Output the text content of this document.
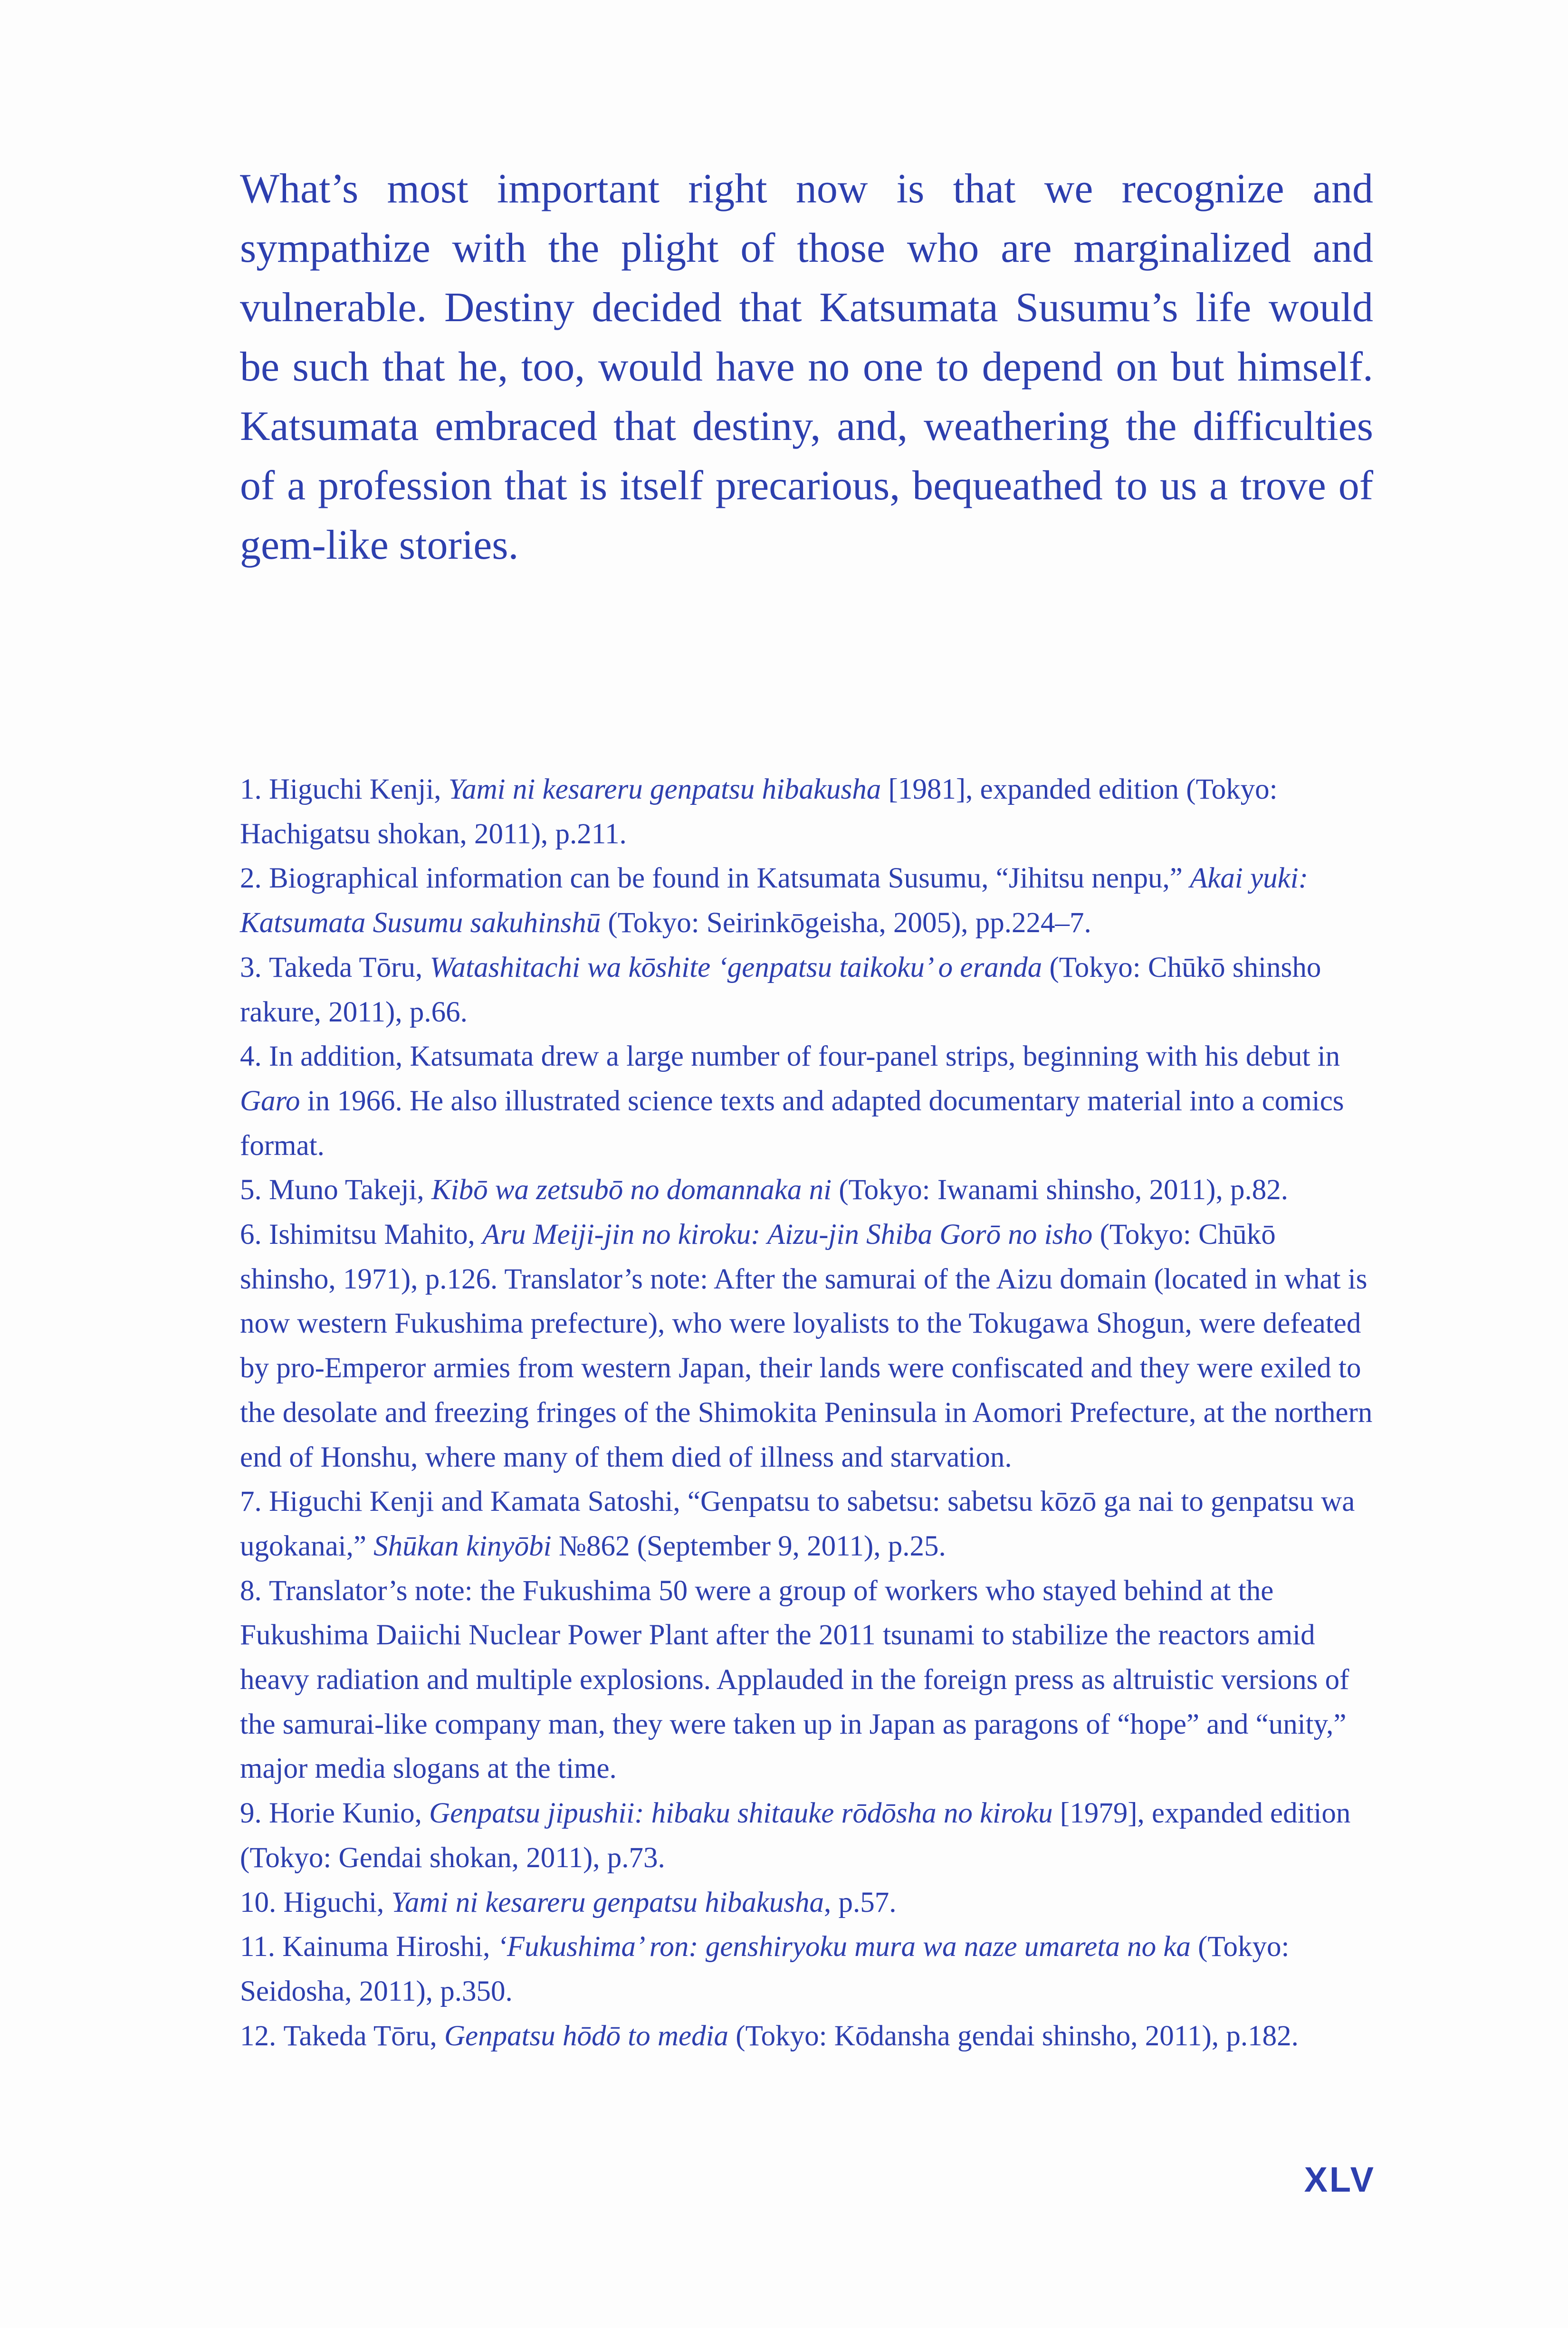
What’s most important right now is that we recognize and sympathize with the plight of those who are marginalized and vulnerable. Destiny decided that Katsumata Susumu’s life would be such that he, too, would have no one to depend on but himself. Katsumata embraced that destiny, and, weathering the difficulties of a profession that is itself precarious, bequeathed to us a trove of gem-like stories.

1. Higuchi Kenji, Yami ni kesareru genpatsu hibakusha [1981], expanded edition (Tokyo: Hachigatsu shokan, 2011), p.211.
2. Biographical information can be found in Katsumata Susumu, “Jihitsu nenpu,” Akai yuki: Katsumata Susumu sakuhinshū (Tokyo: Seirinkōgeisha, 2005), pp.224–7.
3. Takeda Tōru, Watashitachi wa kōshite ‘genpatsu taikoku’ o eranda (Tokyo: Chūkō shinsho rakure, 2011), p.66.
4. In addition, Katsumata drew a large number of four-panel strips, beginning with his debut in Garo in 1966. He also illustrated science texts and adapted documentary material into a comics format.
5. Muno Takeji, Kibō wa zetsubō no domannaka ni (Tokyo: Iwanami shinsho, 2011), p.82.
6. Ishimitsu Mahito, Aru Meiji-jin no kiroku: Aizu-jin Shiba Gorō no isho (Tokyo: Chūkō shinsho, 1971), p.126. Translator’s note: After the samurai of the Aizu domain (located in what is now western Fukushima prefecture), who were loyalists to the Tokugawa Shogun, were defeated by pro-Emperor armies from western Japan, their lands were confiscated and they were exiled to the desolate and freezing fringes of the Shimokita Peninsula in Aomori Prefecture, at the northern end of Honshu, where many of them died of illness and starvation.
7. Higuchi Kenji and Kamata Satoshi, “Genpatsu to sabetsu: sabetsu kōzō ga nai to genpatsu wa ugokanai,” Shūkan kinyōbi №862 (September 9, 2011), p.25.
8. Translator’s note: the Fukushima 50 were a group of workers who stayed behind at the Fukushima Daiichi Nuclear Power Plant after the 2011 tsunami to stabilize the reactors amid heavy radiation and multiple explosions. Applauded in the foreign press as altruistic versions of the samurai-like company man, they were taken up in Japan as paragons of “hope” and “unity,” major media slogans at the time.
9. Horie Kunio, Genpatsu jipushii: hibaku shitauke rōdōsha no kiroku [1979], expanded edition (Tokyo: Gendai shokan, 2011), p.73.
10. Higuchi, Yami ni kesareru genpatsu hibakusha, p.57.
11. Kainuma Hiroshi, ‘Fukushima’ ron: genshiryoku mura wa naze umareta no ka (Tokyo: Seidosha, 2011), p.350.
12. Takeda Tōru, Genpatsu hōdō to media (Tokyo: Kōdansha gendai shinsho, 2011), p.182.

XLV
